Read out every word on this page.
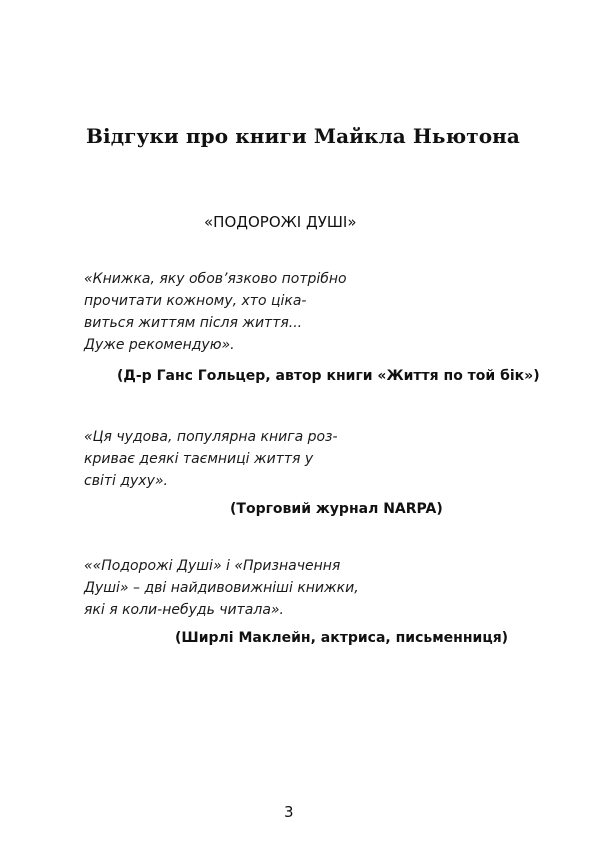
Відгуки про книги Майкла Ньютона
«ПОДОРОЖІ ДУШІ»
«Книжка, яку обов’язково потрібно
прочитати кожному, хто ціка-
виться життям після життя...
Дуже рекомендую».
(Д-р Ганс Гольцер, автор книги «Життя по той бік»)
«Ця чудова, популярна книга роз-
криває деякі таємниці життя у
світі духу».
(Торговий журнал NARPA)
««Подорожі Душі» і «Призначення
Душі» – дві найдивовижніші книжки,
які я коли-небудь читала».
(Ширлі Маклейн, актриса, письменниця)
3
